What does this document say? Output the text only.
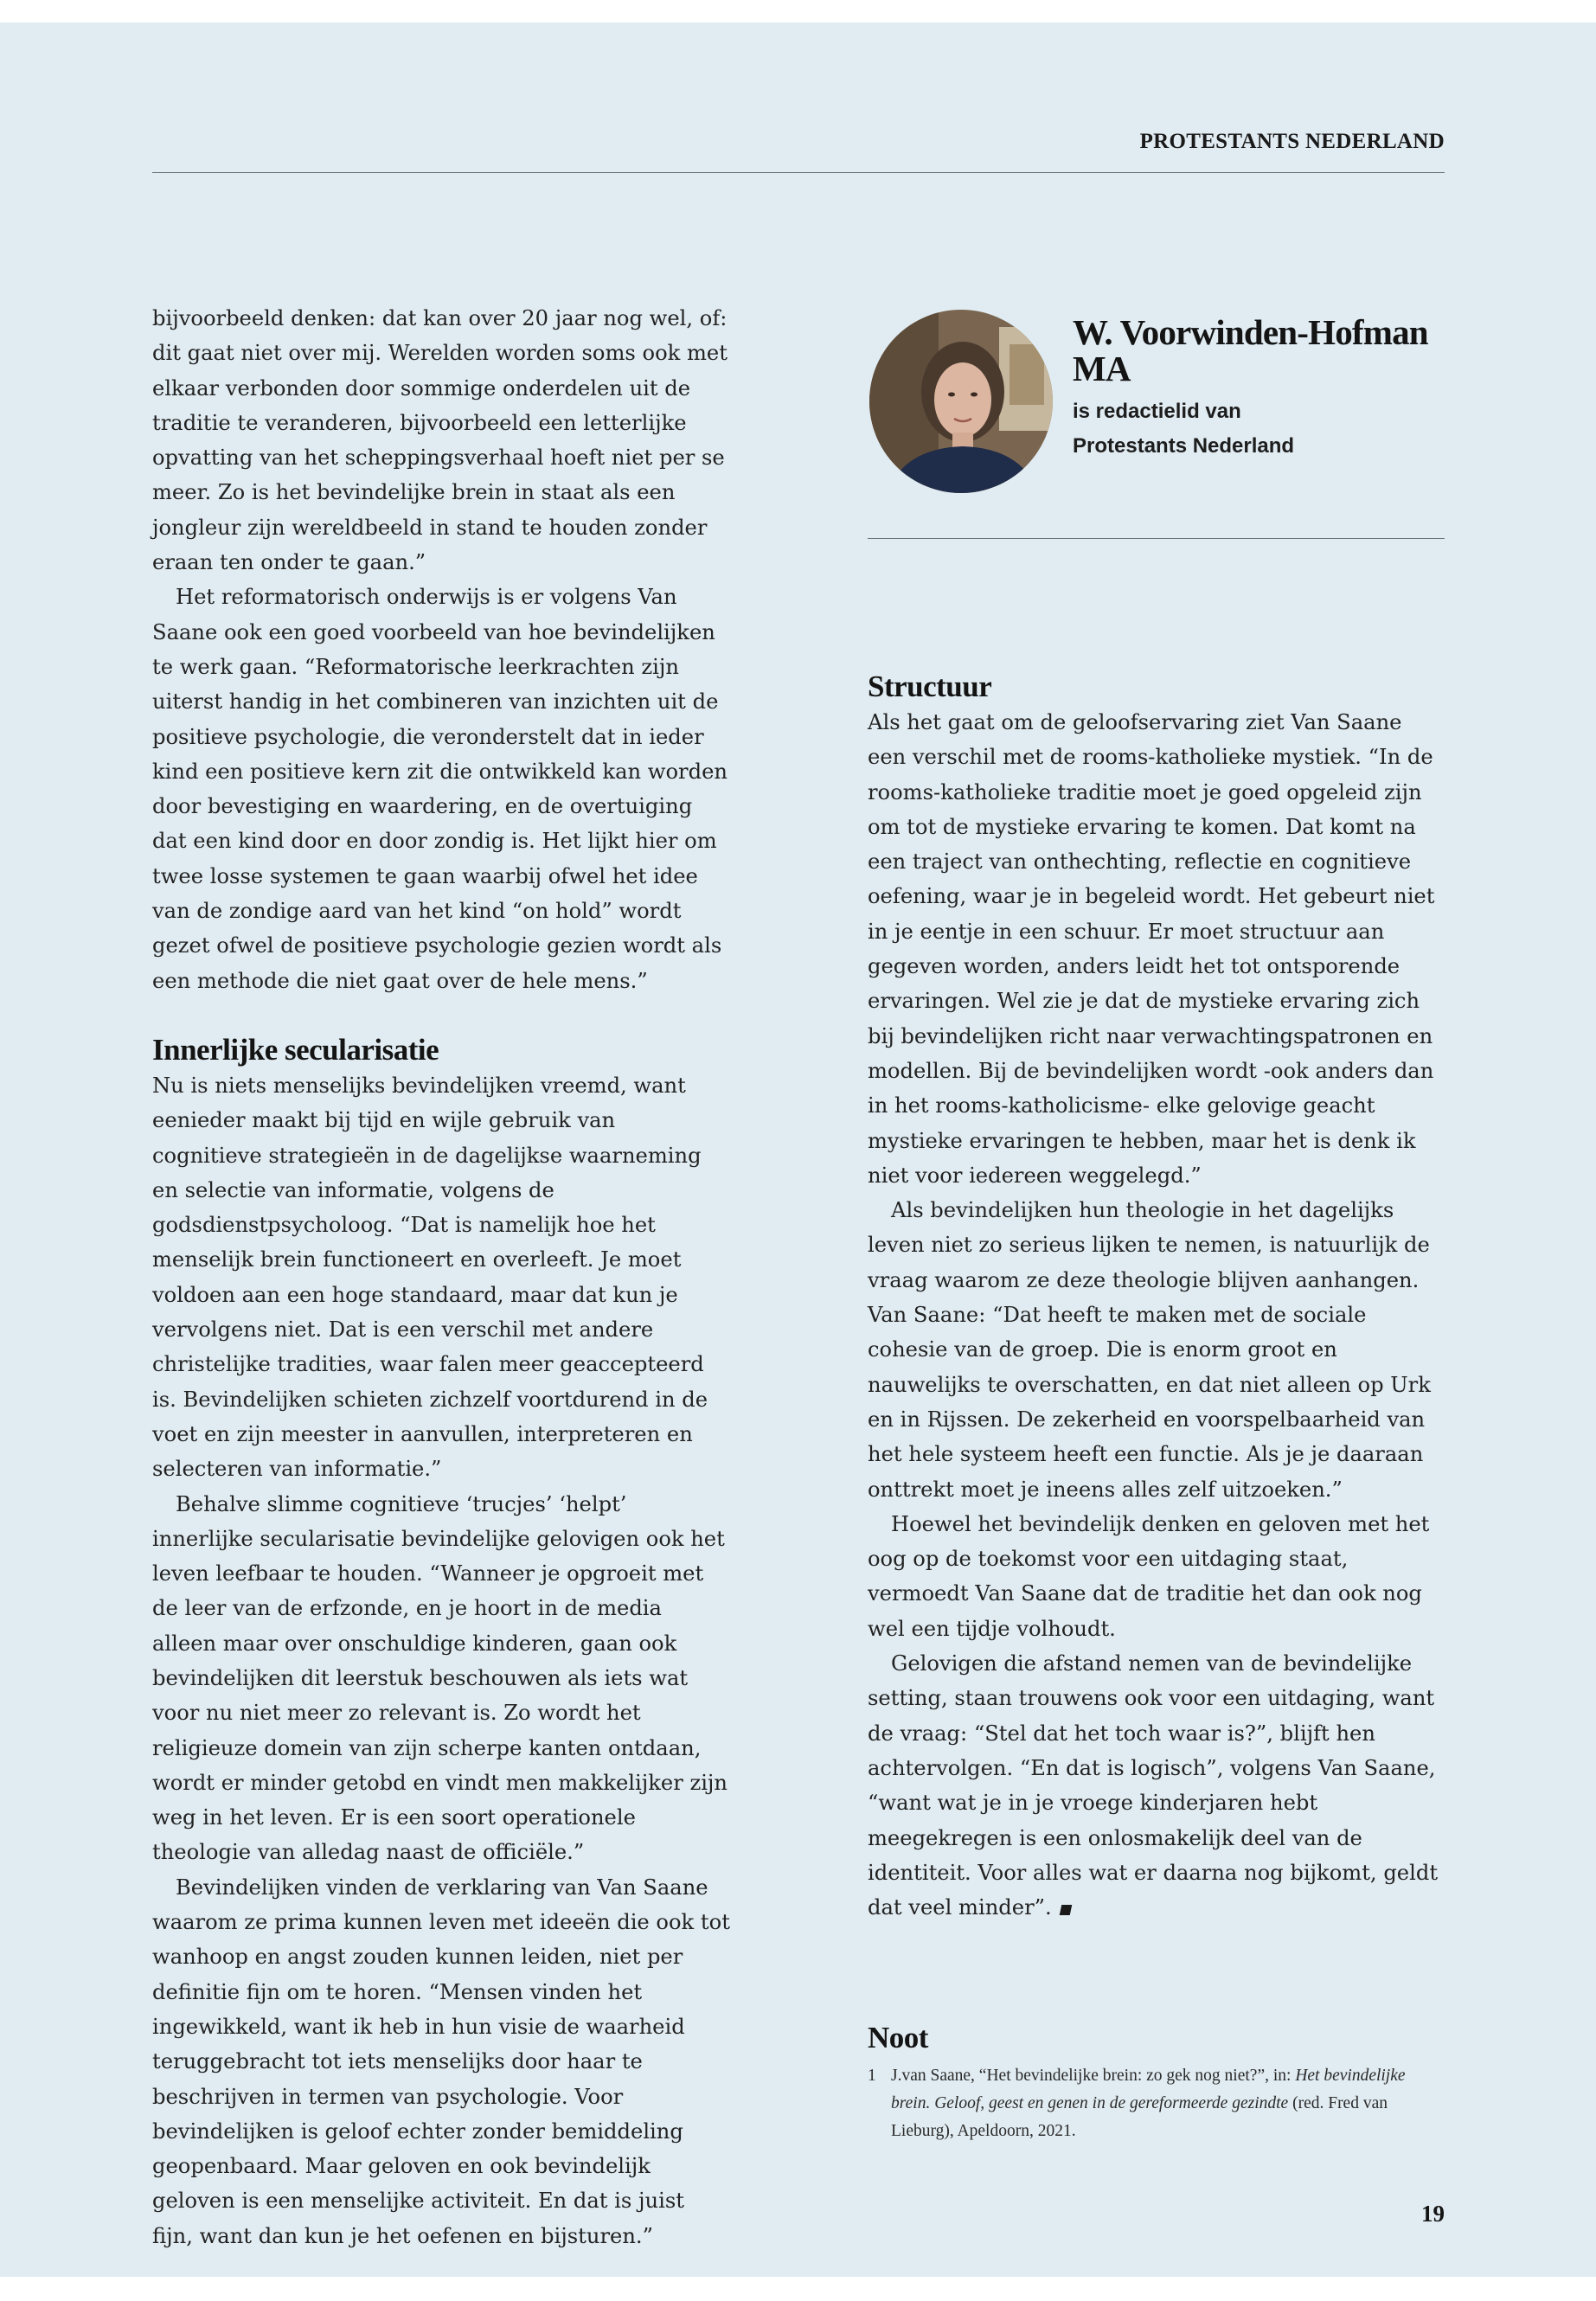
PROTESTANTS NEDERLAND

W. Voorwinden-Hofman MA

is redactielid van
Protestants Nederland

bijvoorbeeld denken: dat kan over 20 jaar nog wel, of: dit gaat niet over mij. Werelden worden soms ook met elkaar verbonden door sommige onderdelen uit de traditie te veranderen, bijvoorbeeld een letterlijke opvatting van het scheppingsverhaal hoeft niet per se meer. Zo is het bevindelijke brein in staat als een jongleur zijn wereldbeeld in stand te houden zonder eraan ten onder te gaan.”

Het reformatorisch onderwijs is er volgens Van Saane ook een goed voorbeeld van hoe bevindelijken te werk gaan. “Reformatorische leerkrachten zijn uiterst handig in het combineren van inzichten uit de positieve psychologie, die veronderstelt dat in ieder kind een positieve kern zit die ontwikkeld kan worden door bevestiging en waardering, en de overtuiging dat een kind door en door zondig is. Het lijkt hier om twee losse systemen te gaan waarbij ofwel het idee van de zondige aard van het kind “on hold” wordt gezet ofwel de positieve psychologie gezien wordt als een methode die niet gaat over de hele mens.”

Innerlijke secularisatie

Nu is niets menselijks bevindelijken vreemd, want eenieder maakt bij tijd en wijle gebruik van cognitieve strategieën in de dagelijkse waarneming en selectie van informatie, volgens de godsdienstpsycholoog. “Dat is namelijk hoe het menselijk brein functioneert en overleeft. Je moet voldoen aan een hoge standaard, maar dat kun je vervolgens niet. Dat is een verschil met andere christelijke tradities, waar falen meer geaccepteerd is. Bevindelijken schieten zichzelf voortdurend in de voet en zijn meester in aanvullen, interpreteren en selecteren van informatie.”

Behalve slimme cognitieve ‘trucjes’ ‘helpt’ innerlijke secularisatie bevindelijke gelovigen ook het leven leefbaar te houden. “Wanneer je opgroeit met de leer van de erfzonde, en je hoort in de media alleen maar over onschuldige kinderen, gaan ook bevindelijken dit leerstuk beschouwen als iets wat voor nu niet meer zo relevant is. Zo wordt het religieuze domein van zijn scherpe kanten ontdaan, wordt er minder getobd en vindt men makkelijker zijn weg in het leven. Er is een soort operationele theologie van alledag naast de officiële.”

Bevindelijken vinden de verklaring van Van Saane waarom ze prima kunnen leven met ideeën die ook tot wanhoop en angst zouden kunnen leiden, niet per definitie fijn om te horen. “Mensen vinden het ingewikkeld, want ik heb in hun visie de waarheid teruggebracht tot iets menselijks door haar te beschrijven in termen van psychologie. Voor bevindelijken is geloof echter zonder bemiddeling geopenbaard. Maar geloven en ook bevindelijk geloven is een menselijke activiteit. En dat is juist fijn, want dan kun je het oefenen en bijsturen.”

Structuur

Als het gaat om de geloofservaring ziet Van Saane een verschil met de rooms-katholieke mystiek. “In de rooms-katholieke traditie moet je goed opgeleid zijn om tot de mystieke ervaring te komen. Dat komt na een traject van onthechting, reflectie en cognitieve oefening, waar je in begeleid wordt. Het gebeurt niet in je eentje in een schuur. Er moet structuur aan gegeven worden, anders leidt het tot ontsporende ervaringen. Wel zie je dat de mystieke ervaring zich bij bevindelijken richt naar verwachtingspatronen en modellen. Bij de bevindelijken wordt -ook anders dan in het rooms-katholicisme- elke gelovige geacht mystieke ervaringen te hebben, maar het is denk ik niet voor iedereen weggelegd.”

Als bevindelijken hun theologie in het dagelijks leven niet zo serieus lijken te nemen, is natuurlijk de vraag waarom ze deze theologie blijven aanhangen. Van Saane: “Dat heeft te maken met de sociale cohesie van de groep. Die is enorm groot en nauwelijks te overschatten, en dat niet alleen op Urk en in Rijssen. De zekerheid en voorspelbaarheid van het hele systeem heeft een functie. Als je je daaraan onttrekt moet je ineens alles zelf uitzoeken.”

Hoewel het bevindelijk denken en geloven met het oog op de toekomst voor een uitdaging staat, vermoedt Van Saane dat de traditie het dan ook nog wel een tijdje volhoudt.

Gelovigen die afstand nemen van de bevindelijke setting, staan trouwens ook voor een uitdaging, want de vraag: “Stel dat het toch waar is?”, blijft hen achtervolgen. “En dat is logisch”, volgens Van Saane, “want wat je in je vroege kinderjaren hebt meegekregen is een onlosmakelijk deel van de identiteit. Voor alles wat er daarna nog bijkomt, geldt dat veel minder”.

Noot

1 J.van Saane, “Het bevindelijke brein: zo gek nog niet?”, in: Het bevindelijke brein. Geloof, geest en genen in de gereformeerde gezindte (red. Fred van Lieburg), Apeldoorn, 2021.

19
